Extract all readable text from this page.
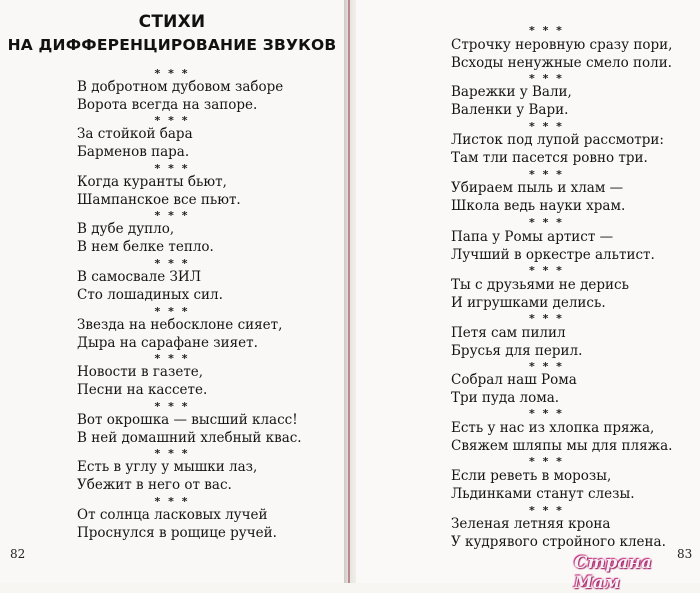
СТИХИ
НА ДИФФЕРЕНЦИРОВАНИЕ ЗВУКОВ
* * *
В добротном дубовом заборе
Ворота всегда на запоре.
* * *
За стойкой бара
Барменов пара.
* * *
Когда куранты бьют,
Шампанское все пьют.
* * *
В дубе дупло,
В нем белке тепло.
* * *
В самосвале ЗИЛ
Сто лошадиных сил.
* * *
Звезда на небосклоне сияет,
Дыра на сарафане зияет.
* * *
Новости в газете,
Песни на кассете.
* * *
Вот окрошка — высший класс!
В ней домашний хлебный квас.
* * *
Есть в углу у мышки лаз,
Убежит в него от вас.
* * *
От солнца ласковых лучей
Проснулся в рощице ручей.
82
* * *
Строчку неровную сразу пори,
Всходы ненужные смело поли.
* * *
Варежки у Вали,
Валенки у Вари.
* * *
Листок под лупой рассмотри:
Там тли пасется ровно три.
* * *
Убираем пыль и хлам —
Школа ведь науки храм.
* * *
Папа у Ромы артист —
Лучший в оркестре альтист.
* * *
Ты с друзьями не дерись
И игрушками делись.
* * *
Петя сам пилил
Брусья для перил.
* * *
Собрал наш Рома
Три пуда лома.
* * *
Есть у нас из хлопка пряжа,
Свяжем шляпы мы для пляжа.
* * *
Если реветь в морозы,
Льдинками станут слезы.
* * *
Зеленая летняя крона
У кудрявого стройного клена.
83
Страна Мам
